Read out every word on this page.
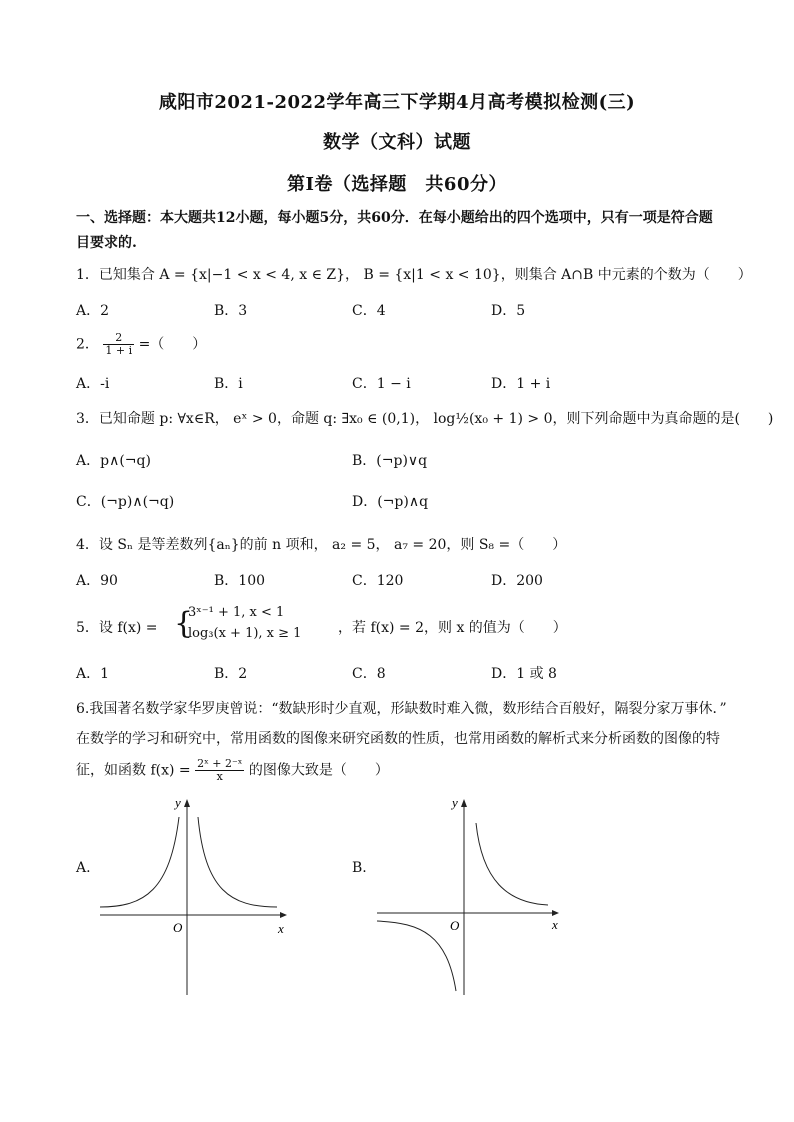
咸阳市2021-2022学年高三下学期4月高考模拟检测(三)
数学（文科）试题
第Ⅰ卷（选择题　共60分）
一、选择题：本大题共12小题，每小题5分，共60分．在每小题给出的四个选项中，只有一项是符合题
目要求的.
1．已知集合 A = {x|−1 < x < 4, x ∈ Z}， B = {x|1 < x < 10}，则集合 A∩B 中元素的个数为（　　）
A．2	B．3	C．4	D．5
2． $\frac{2}{1 + i}$ =（　　）
A．-i	B．i	C．1 − i	D．1 + i
3．已知命题 p: ∀x∈R， eˣ > 0，命题 q: ∃x₀ ∈ (0,1)， log½(x₀ + 1) > 0，则下列命题中为真命题的是(　　)
A．p∧(¬q)	B．(¬p)∨q
C．(¬p)∧(¬q)	D．(¬p)∧q
4．设 Sₙ 是等差数列{aₙ}的前 n 项和， a₂ = 5， a₇ = 20，则 S₈ =（　　）
A．90	B．100	C．120	D．200
5．设 f(x) = {
3ˣ⁻¹ + 1, x < 1
log₃(x + 1), x ≥ 1	，若 f(x) = 2，则 x 的值为（　　）
A．1	B．2	C．8	D．1 或 8
6.我国著名数学家华罗庚曾说：“数缺形时少直观，形缺数时难入微，数形结合百般好，隔裂分家万事休．”
在数学的学习和研究中，常用函数的图像来研究函数的性质，也常用函数的解析式来分析函数的图像的特
征，如函数 $f(x) = \frac{\text{2ˣ + 2⁻ˣ}}{x}$ 的图像大致是（　　）
A.
y
x
O
B.
y
x
O
